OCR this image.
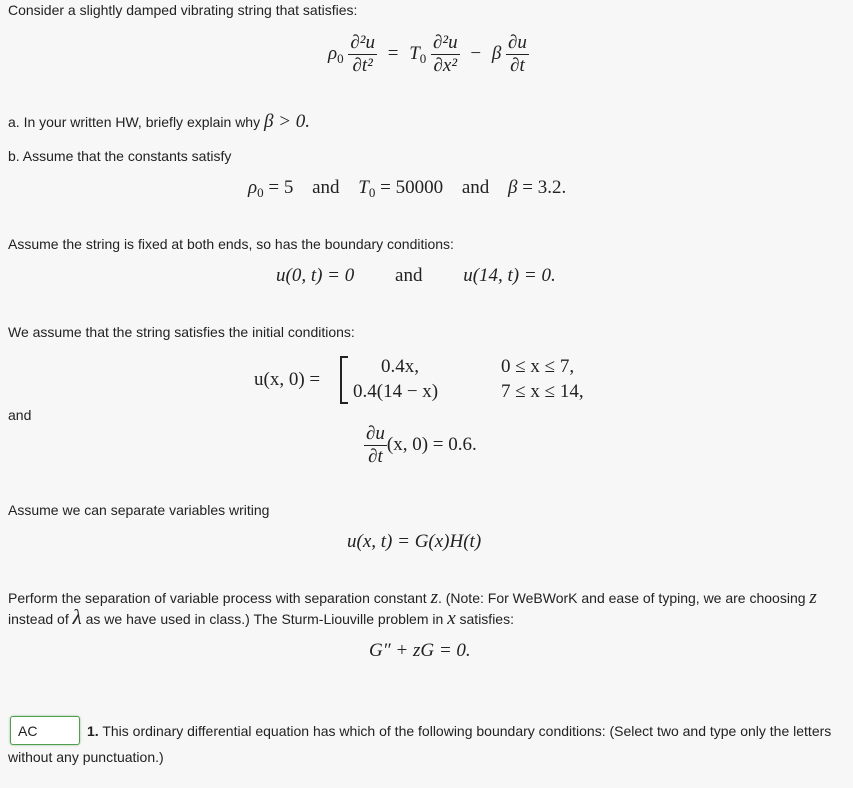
Consider a slightly damped vibrating string that satisfies:

$\rho_0 \frac{\text{∂²u}}{\text{∂t²}} = T_0 \frac{\text{∂²u}}{\text{∂x²}} - \beta \frac{\partial u}{\partial t}$

a. In your written HW, briefly explain why β > 0.

b. Assume that the constants satisfy

$\rho_0 = 5$ and $T_0 = 50000$ and β = 3.2.

Assume the string is fixed at both ends, so has the boundary conditions:

u(0, t) = 0 and u(14, t) = 0.

We assume that the string satisfies the initial conditions:

u(x, 0) =
0.4x,
0.4(14 − x)
0 ≤ x ≤ 7,
7 ≤ x ≤ 14,

and

$\frac{\partial u}{\partial t} (x$, 0) = 0.6.

Assume we can separate variables writing

u(x, t) = G(x)H(t)

Perform the separation of variable process with separation constant z. (Note: For WeBWorK and ease of typing, we are choosing z

instead of λ as we have used in class.) The Sturm-Liouville problem in x satisfies:

G″ + zG = 0.
AC

1. This ordinary differential equation has which of the following boundary conditions: (Select two and type only the letters

without any punctuation.)
